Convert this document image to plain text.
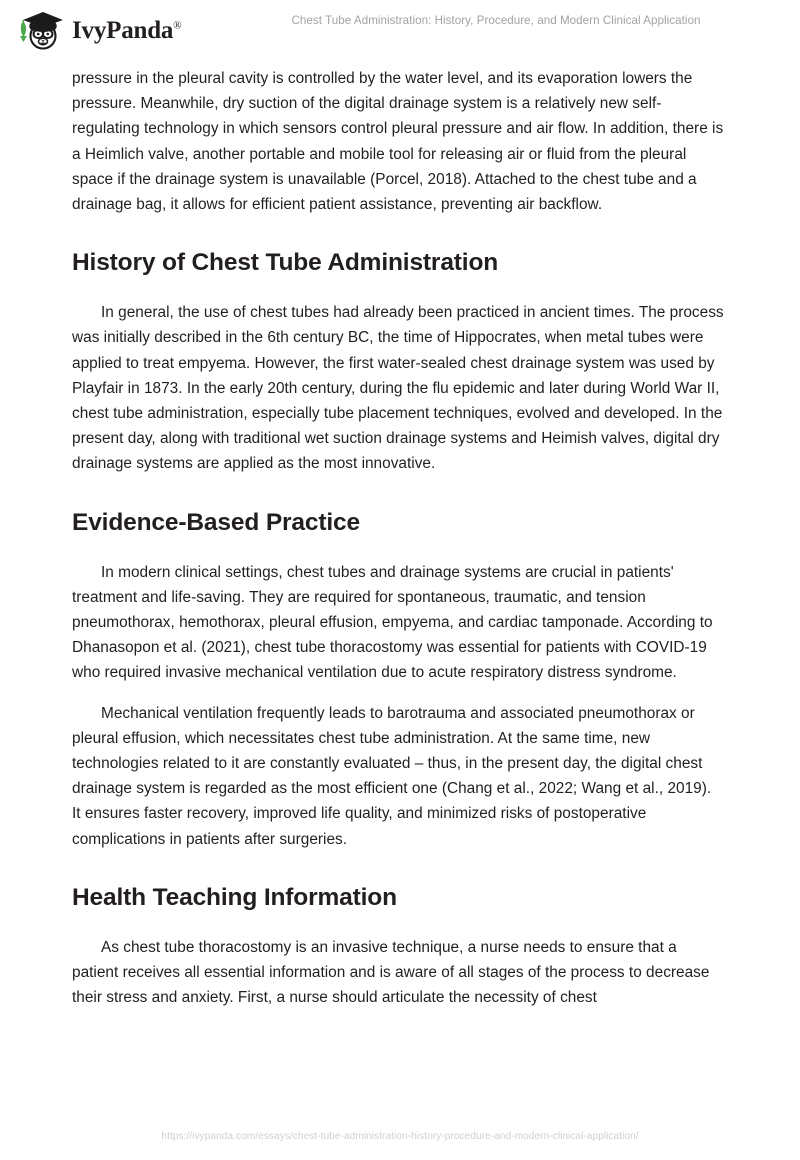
IvyPanda®	Chest Tube Administration: History, Procedure, and Modern Clinical Application

pressure in the pleural cavity is controlled by the water level, and its evaporation lowers the pressure. Meanwhile, dry suction of the digital drainage system is a relatively new self-regulating technology in which sensors control pleural pressure and air flow. In addition, there is a Heimlich valve, another portable and mobile tool for releasing air or fluid from the pleural space if the drainage system is unavailable (Porcel, 2018). Attached to the chest tube and a drainage bag, it allows for efficient patient assistance, preventing air backflow.

History of Chest Tube Administration

In general, the use of chest tubes had already been practiced in ancient times. The process was initially described in the 6th century BC, the time of Hippocrates, when metal tubes were applied to treat empyema. However, the first water-sealed chest drainage system was used by Playfair in 1873. In the early 20th century, during the flu epidemic and later during World War II, chest tube administration, especially tube placement techniques, evolved and developed. In the present day, along with traditional wet suction drainage systems and Heimish valves, digital dry drainage systems are applied as the most innovative.

Evidence-Based Practice

In modern clinical settings, chest tubes and drainage systems are crucial in patients' treatment and life-saving. They are required for spontaneous, traumatic, and tension pneumothorax, hemothorax, pleural effusion, empyema, and cardiac tamponade. According to Dhanasopon et al. (2021), chest tube thoracostomy was essential for patients with COVID-19 who required invasive mechanical ventilation due to acute respiratory distress syndrome.

Mechanical ventilation frequently leads to barotrauma and associated pneumothorax or pleural effusion, which necessitates chest tube administration. At the same time, new technologies related to it are constantly evaluated – thus, in the present day, the digital chest drainage system is regarded as the most efficient one (Chang et al., 2022; Wang et al., 2019). It ensures faster recovery, improved life quality, and minimized risks of postoperative complications in patients after surgeries.

Health Teaching Information

As chest tube thoracostomy is an invasive technique, a nurse needs to ensure that a patient receives all essential information and is aware of all stages of the process to decrease their stress and anxiety. First, a nurse should articulate the necessity of chest

https://ivypanda.com/essays/chest-tube-administration-history-procedure-and-modern-clinical-application/
